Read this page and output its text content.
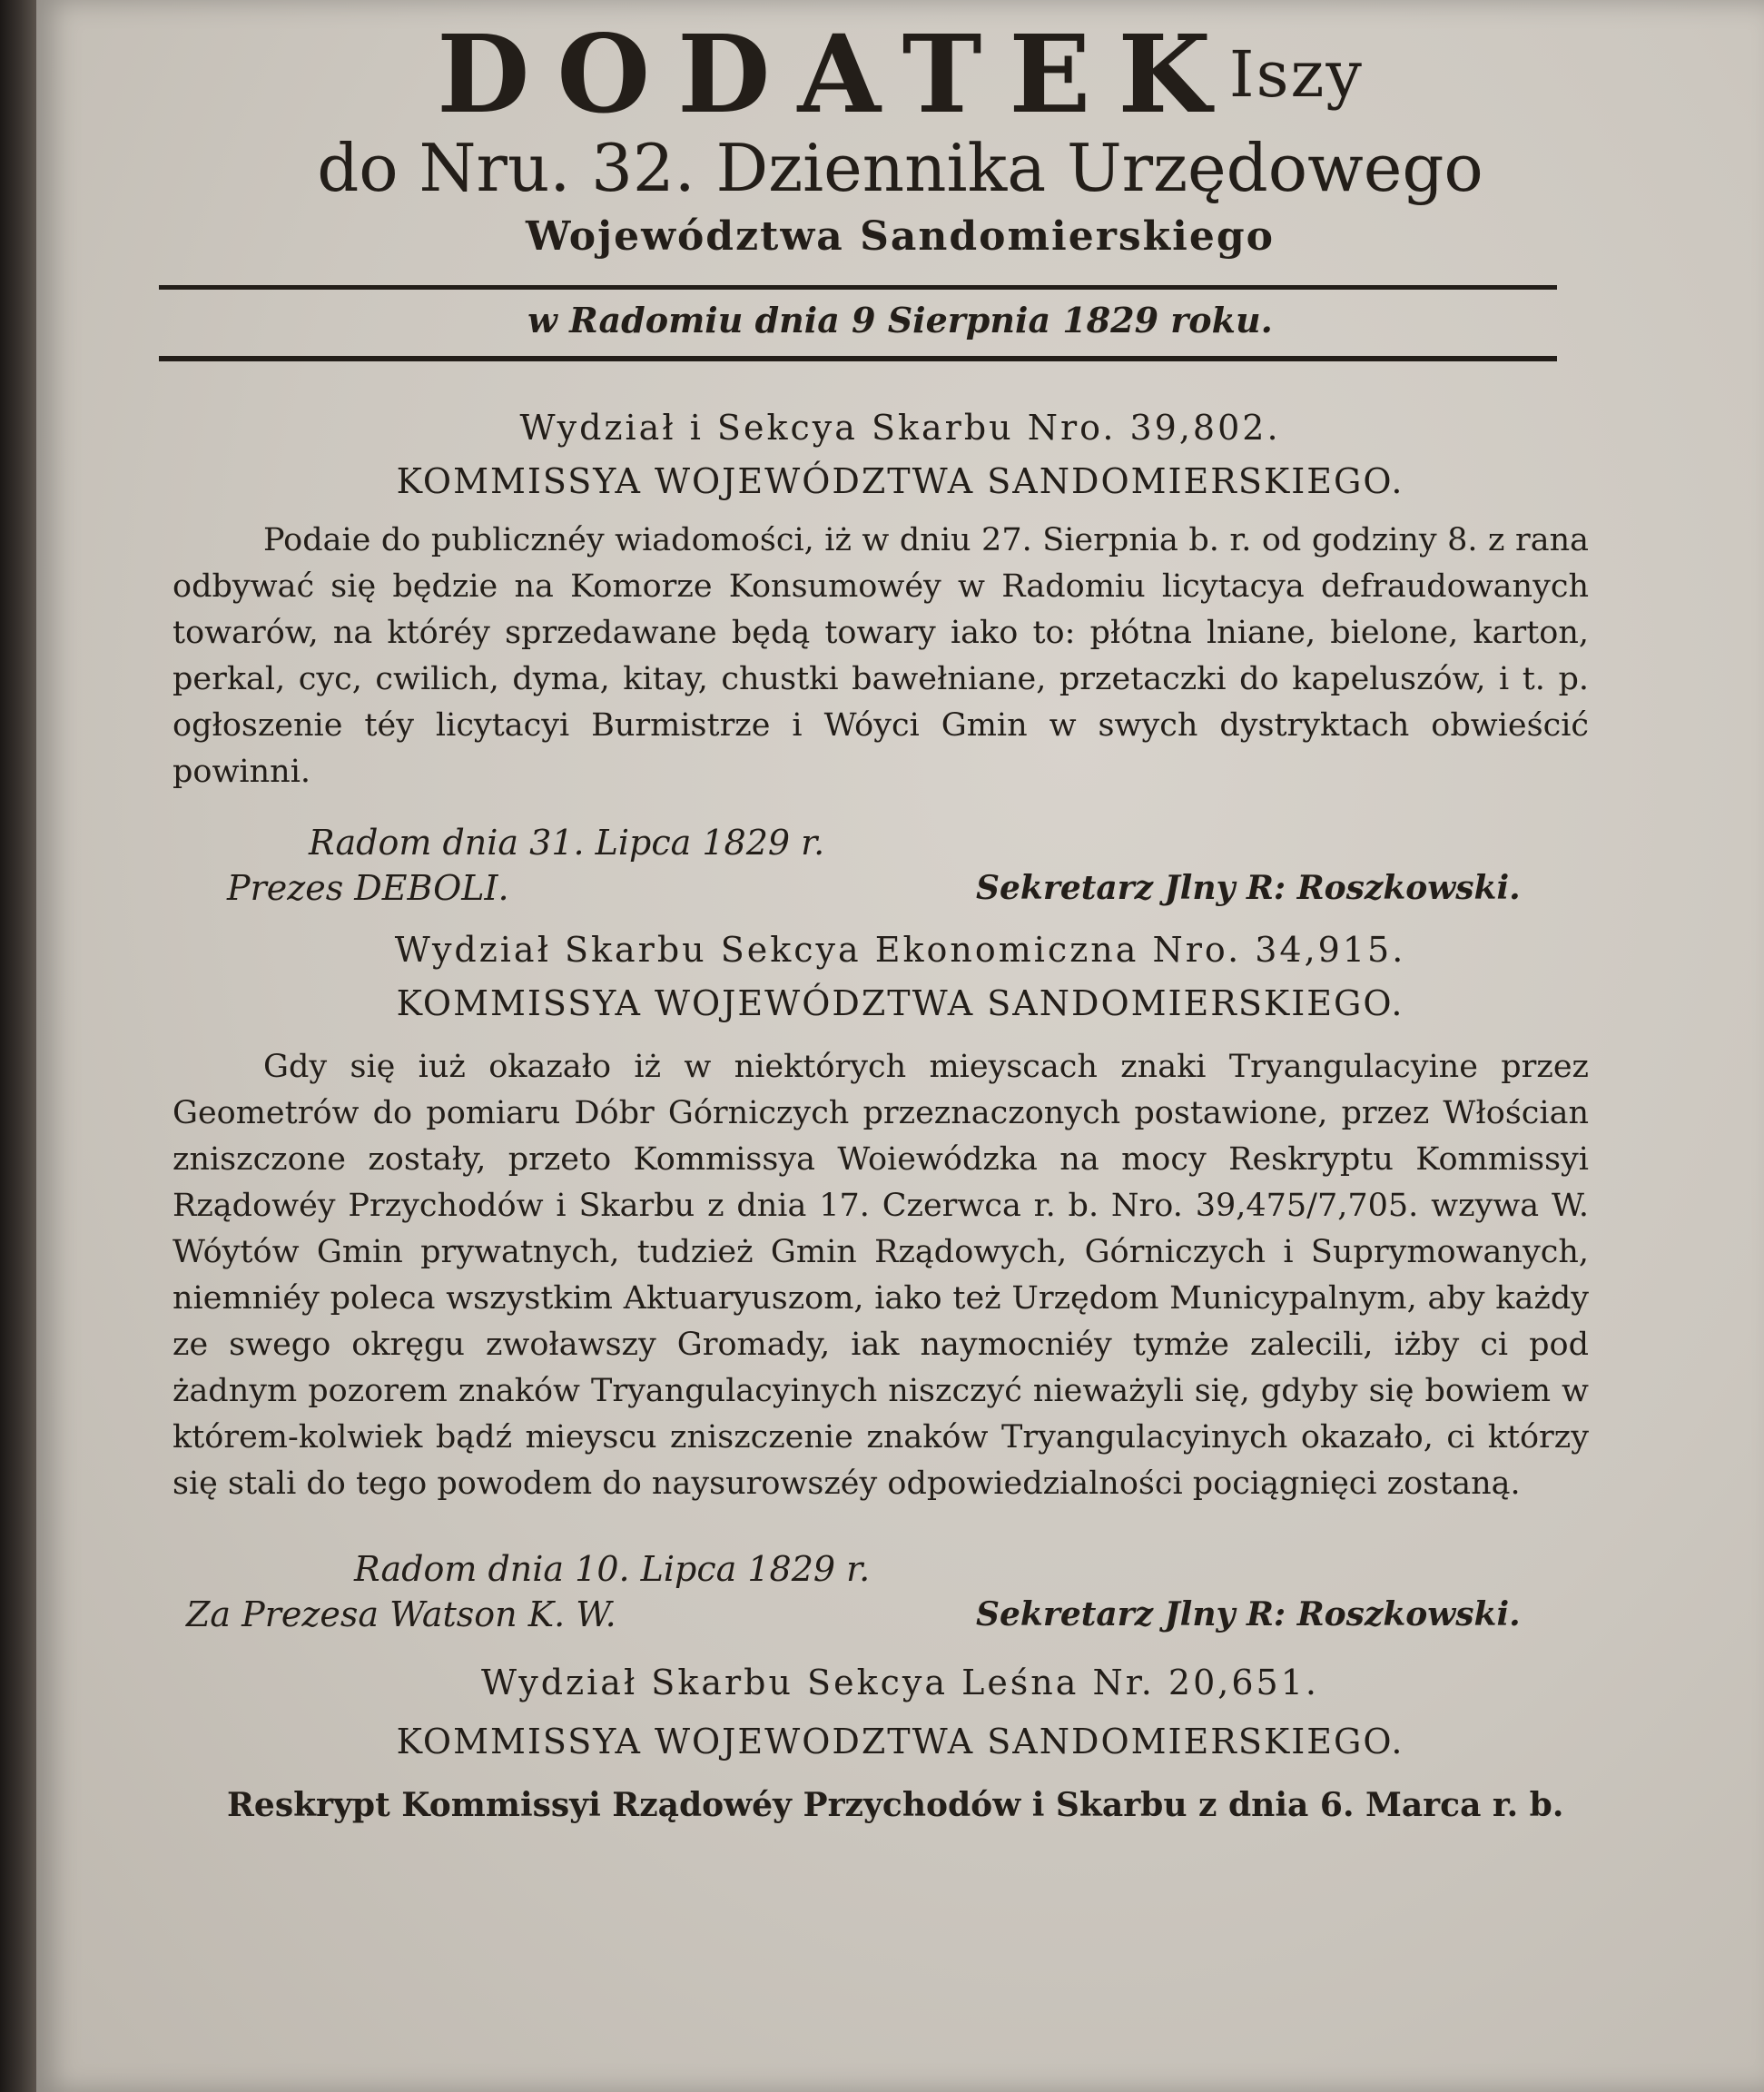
$DODATEK^{Iszy}$
do Nru. 32. Dziennika Urzędowego
Województwa Sandomierskiego
w Radomiu dnia 9 Sierpnia 1829 roku.
Wydział i Sekcya Skarbu Nro. 39,802.
KOMMISSYA WOJEWÓDZTWA SANDOMIERSKIEGO.
Podaie do publicznéy wiadomości, iż w dniu 27. Sierpnia b. r. od godziny 8. z rana odbywać się będzie na Komorze Konsumowéy w Radomiu licytacya defraudowanych towarów, na któréy sprzedawane będą towary iako to: płótna lniane, bielone, karton, perkal, cyc, cwilich, dyma, kitay, chustki bawełniane, przetaczki do kapeluszów, i t. p. ogłoszenie téy licytacyi Burmistrze i Wóyci Gmin w swych dystryktach obwieścić powinni.
Radom dnia 31. Lipca 1829 r.
Prezes DEBOLI.	Sekretarz Jlny R: Roszkowski.
Wydział Skarbu Sekcya Ekonomiczna Nro. 34,915.
KOMMISSYA WOJEWÓDZTWA SANDOMIERSKIEGO.
Gdy się iuż okazało iż w niektórych mieyscach znaki Tryangulacyine przez Geometrów do pomiaru Dóbr Górniczych przeznaczonych postawione, przez Włościan zniszczone zostały, przeto Kommissya Woiewódzka na mocy Reskryptu Kommissyi Rządowéy Przychodów i Skarbu z dnia 17. Czerwca r. b. Nro. 39,475/7,705. wzywa W. Wóytów Gmin prywatnych, tudzież Gmin Rządowych, Górniczych i Suprymowanych, niemniéy poleca wszystkim Aktuaryuszom, iako też Urzędom Municypalnym, aby każdy ze swego okręgu zwoławszy Gromady, iak naymocniéy tymże zalecili, iżby ci pod żadnym pozorem znaków Tryangulacyinych niszczyć nieważyli się, gdyby się bowiem w którem-kolwiek bądź mieyscu zniszczenie znaków Tryangulacyinych okazało, ci którzy się stali do tego powodem do naysurowszéy odpowiedzialności pociągnięci zostaną.
Radom dnia 10. Lipca 1829 r.
Za Prezesa Watson K. W.	Sekretarz Jlny R: Roszkowski.
Wydział Skarbu Sekcya Leśna Nr. 20,651.
KOMMISSYA WOJEWODZTWA SANDOMIERSKIEGO.
Reskrypt Kommissyi Rządowéy Przychodów i Skarbu z dnia 6. Marca r. b.
